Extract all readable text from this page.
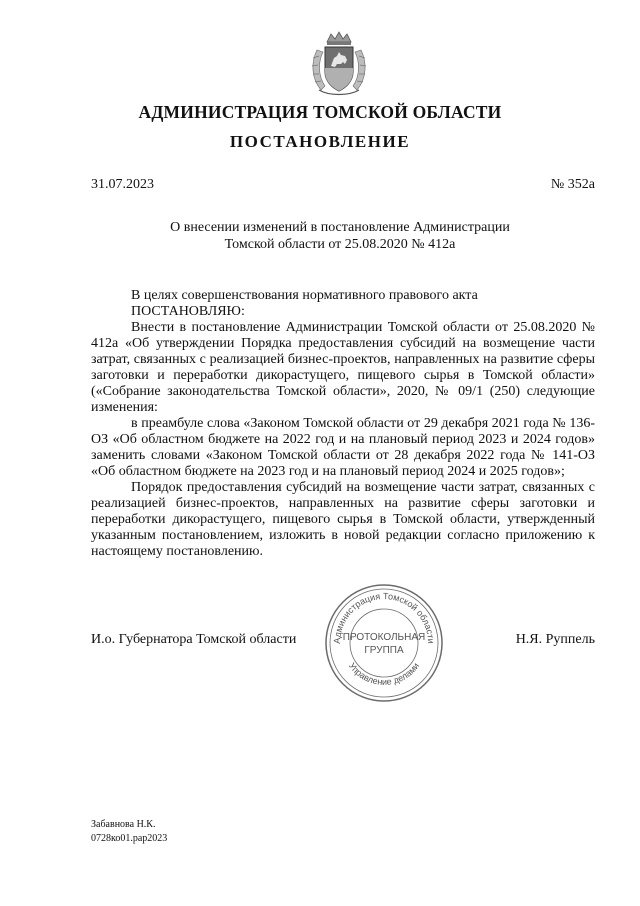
АДМИНИСТРАЦИЯ ТОМСКОЙ ОБЛАСТИ
ПОСТАНОВЛЕНИЕ
31.07.2023	№ 352а
О внесении изменений в постановление Администрации
Томской области от 25.08.2020 № 412а

В целях совершенствования нормативного правового акта

ПОСТАНОВЛЯЮ:

Внести в постановление Администрации Томской области от 25.08.2020 № 412а «Об утверждении Порядка предоставления субсидий на возмещение части затрат, связанных с реализацией бизнес-проектов, направленных на развитие сферы заготовки и переработки дикорастущего, пищевого сырья в Томской области» («Собрание законодательства Томской области», 2020, № 09/1 (250) следующие изменения:

в преамбуле слова «Законом Томской области от 29 декабря 2021 года № 136-ОЗ «Об областном бюджете на 2022 год и на плановый период 2023 и 2024 годов» заменить словами «Законом Томской области от 28 декабря 2022 года № 141-ОЗ «Об областном бюджете на 2023 год и на плановый период 2024 и 2025 годов»;

Порядок предоставления субсидий на возмещение части затрат, связанных с реализацией бизнес-проектов, направленных на развитие сферы заготовки и переработки дикорастущего, пищевого сырья в Томской области, утвержденный указанным постановлением, изложить в новой редакции согласно приложению к настоящему постановлению.

И.о. Губернатора Томской области	Н.Я. Руппель
Администрация Томской области
Управление делами
ПРОТОКОЛЬНАЯ
ГРУППА
Забавнова Н.К.
0728ко01.рар2023
